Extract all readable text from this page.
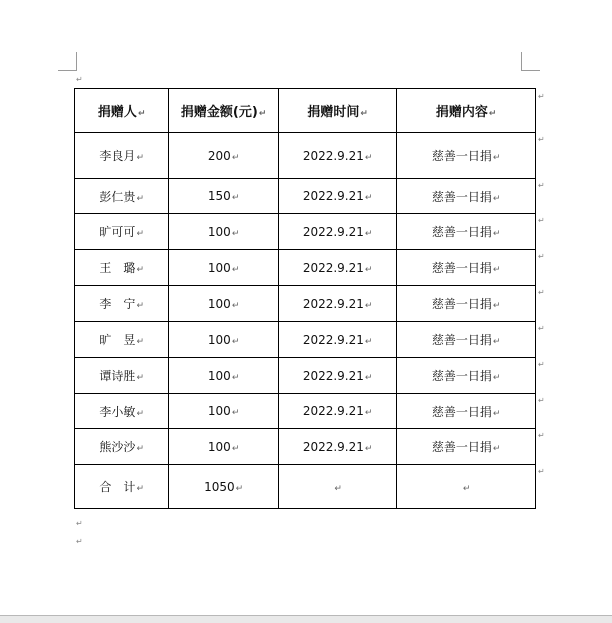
↵
捐赠人↵	捐赠金额(元)↵	捐赠时间↵	捐赠内容↵
李良月↵	200↵	2022.9.21↵	慈善一日捐↵
彭仁贵↵	150↵	2022.9.21↵	慈善一日捐↵
旷可可↵	100↵	2022.9.21↵	慈善一日捐↵
王　璐↵	100↵	2022.9.21↵	慈善一日捐↵
李　宁↵	100↵	2022.9.21↵	慈善一日捐↵
旷　昱↵	100↵	2022.9.21↵	慈善一日捐↵
谭诗胜↵	100↵	2022.9.21↵	慈善一日捐↵
李小敏↵	100↵	2022.9.21↵	慈善一日捐↵
熊沙沙↵	100↵	2022.9.21↵	慈善一日捐↵
合　计↵	1050↵	↵	↵
↵
↵
↵
↵
↵
↵
↵
↵
↵
↵
↵
↵
↵
